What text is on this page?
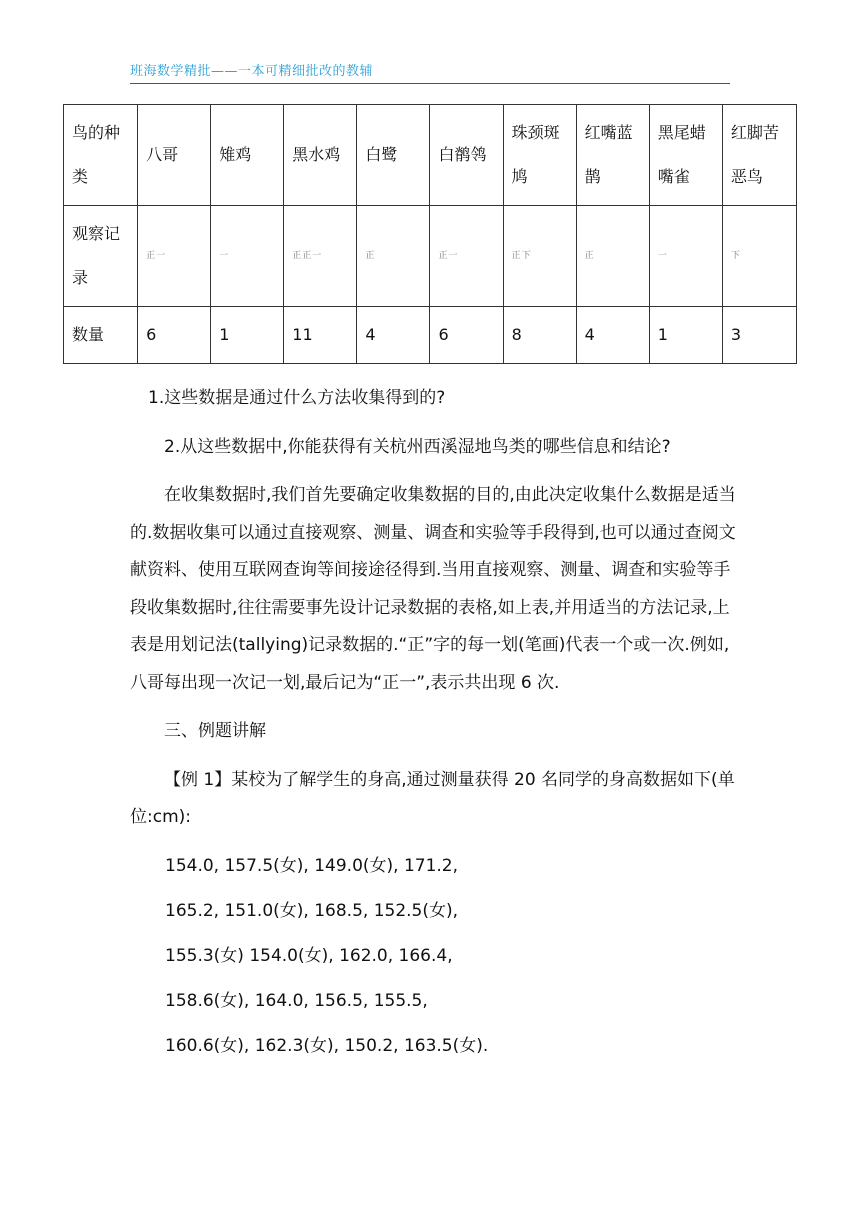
班海数学精批——一本可精细批改的教辅
鸟的种类	八哥	雉鸡	黑水鸡	白鹭	白鹡鸰	珠颈斑鸠	红嘴蓝鹊	黑尾蜡嘴雀	红脚苦恶鸟
观察记录	正一	一	正正一	正	正一	正下	正	一	下
数量	6	1	11	4	6	8	4	1	3

1.这些数据是通过什么方法收集得到的?

2.从这些数据中,你能获得有关杭州西溪湿地鸟类的哪些信息和结论?

在收集数据时,我们首先要确定收集数据的目的,由此决定收集什么数据是适当的.数据收集可以通过直接观察、测量、调查和实验等手段得到,也可以通过查阅文献资料、使用互联网查询等间接途径得到.当用直接观察、测量、调查和实验等手段收集数据时,往往需要事先设计记录数据的表格,如上表,并用适当的方法记录,上表是用划记法(tallying)记录数据的.“正”字的每一划(笔画)代表一个或一次.例如,八哥每出现一次记一划,最后记为“正一”,表示共出现 6 次.

三、例题讲解

【例 1】某校为了解学生的身高,通过测量获得 20 名同学的身高数据如下(单位:cm):

154.0, 157.5(女), 149.0(女), 171.2,

165.2, 151.0(女), 168.5, 152.5(女),

155.3(女) 154.0(女), 162.0, 166.4,

158.6(女), 164.0, 156.5, 155.5,

160.6(女), 162.3(女), 150.2, 163.5(女).
